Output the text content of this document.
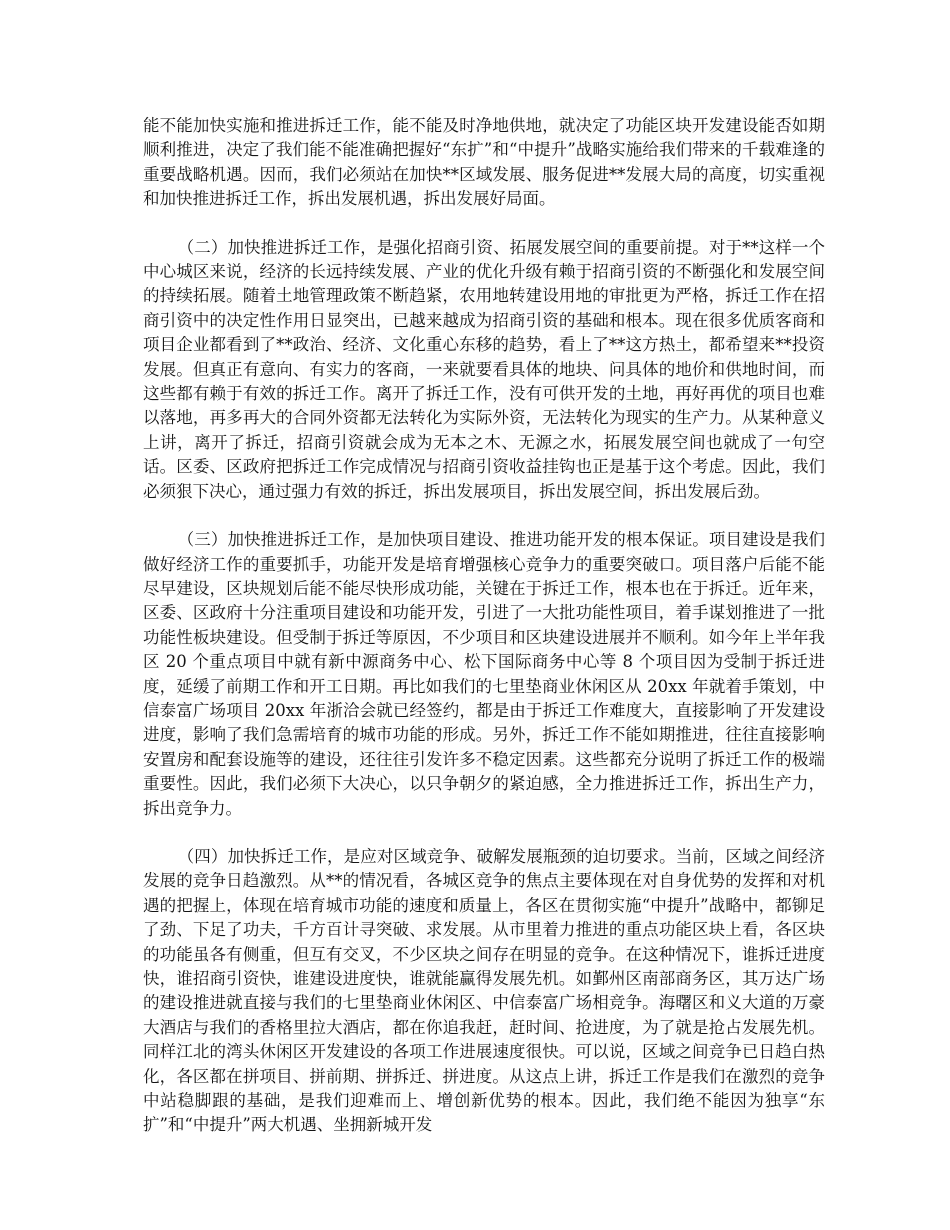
能不能加快实施和推进拆迁工作，能不能及时净地供地，就决定了功能区块开发建设能否如期顺利推进，决定了我们能不能准确把握好“东扩”和“中提升”战略实施给我们带来的千载难逢的重要战略机遇。因而，我们必须站在加快**区域发展、服务促进**发展大局的高度，切实重视和加快推进拆迁工作，拆出发展机遇，拆出发展好局面。

（二）加快推进拆迁工作，是强化招商引资、拓展发展空间的重要前提。对于**这样一个中心城区来说，经济的长远持续发展、产业的优化升级有赖于招商引资的不断强化和发展空间的持续拓展。随着土地管理政策不断趋紧，农用地转建设用地的审批更为严格，拆迁工作在招商引资中的决定性作用日显突出，已越来越成为招商引资的基础和根本。现在很多优质客商和项目企业都看到了**政治、经济、文化重心东移的趋势，看上了**这方热土，都希望来**投资发展。但真正有意向、有实力的客商，一来就要看具体的地块、问具体的地价和供地时间，而这些都有赖于有效的拆迁工作。离开了拆迁工作，没有可供开发的土地，再好再优的项目也难以落地，再多再大的合同外资都无法转化为实际外资，无法转化为现实的生产力。从某种意义上讲，离开了拆迁，招商引资就会成为无本之木、无源之水，拓展发展空间也就成了一句空话。区委、区政府把拆迁工作完成情况与招商引资收益挂钩也正是基于这个考虑。因此，我们必须狠下决心，通过强力有效的拆迁，拆出发展项目，拆出发展空间，拆出发展后劲。

（三）加快推进拆迁工作，是加快项目建设、推进功能开发的根本保证。项目建设是我们做好经济工作的重要抓手，功能开发是培育增强核心竞争力的重要突破口。项目落户后能不能尽早建设，区块规划后能不能尽快形成功能，关键在于拆迁工作，根本也在于拆迁。近年来，区委、区政府十分注重项目建设和功能开发，引进了一大批功能性项目，着手谋划推进了一批功能性板块建设。但受制于拆迁等原因，不少项目和区块建设进展并不顺利。如今年上半年我区 20 个重点项目中就有新中源商务中心、松下国际商务中心等 8 个项目因为受制于拆迁进度，延缓了前期工作和开工日期。再比如我们的七里垫商业休闲区从 20xx 年就着手策划，中信泰富广场项目 20xx 年浙洽会就已经签约，都是由于拆迁工作难度大，直接影响了开发建设进度，影响了我们急需培育的城市功能的形成。另外，拆迁工作不能如期推进，往往直接影响安置房和配套设施等的建设，还往往引发许多不稳定因素。这些都充分说明了拆迁工作的极端重要性。因此，我们必须下大决心，以只争朝夕的紧迫感，全力推进拆迁工作，拆出生产力，拆出竞争力。

（四）加快拆迁工作，是应对区域竞争、破解发展瓶颈的迫切要求。当前，区域之间经济发展的竞争日趋激烈。从**的情况看，各城区竞争的焦点主要体现在对自身优势的发挥和对机遇的把握上，体现在培育城市功能的速度和质量上，各区在贯彻实施“中提升”战略中，都铆足了劲、下足了功夫，千方百计寻突破、求发展。从市里着力推进的重点功能区块上看，各区块的功能虽各有侧重，但互有交叉，不少区块之间存在明显的竞争。在这种情况下，谁拆迁进度快，谁招商引资快，谁建设进度快，谁就能赢得发展先机。如鄞州区南部商务区，其万达广场的建设推进就直接与我们的七里垫商业休闲区、中信泰富广场相竞争。海曙区和义大道的万豪大酒店与我们的香格里拉大酒店，都在你追我赶，赶时间、抢进度，为了就是抢占发展先机。同样江北的湾头休闲区开发建设的各项工作进展速度很快。可以说，区域之间竞争已日趋白热化，各区都在拼项目、拼前期、拼拆迁、拼进度。从这点上讲，拆迁工作是我们在激烈的竞争中站稳脚跟的基础，是我们迎难而上、增创新优势的根本。因此，我们绝不能因为独享“东扩”和“中提升”两大机遇、坐拥新城开发
